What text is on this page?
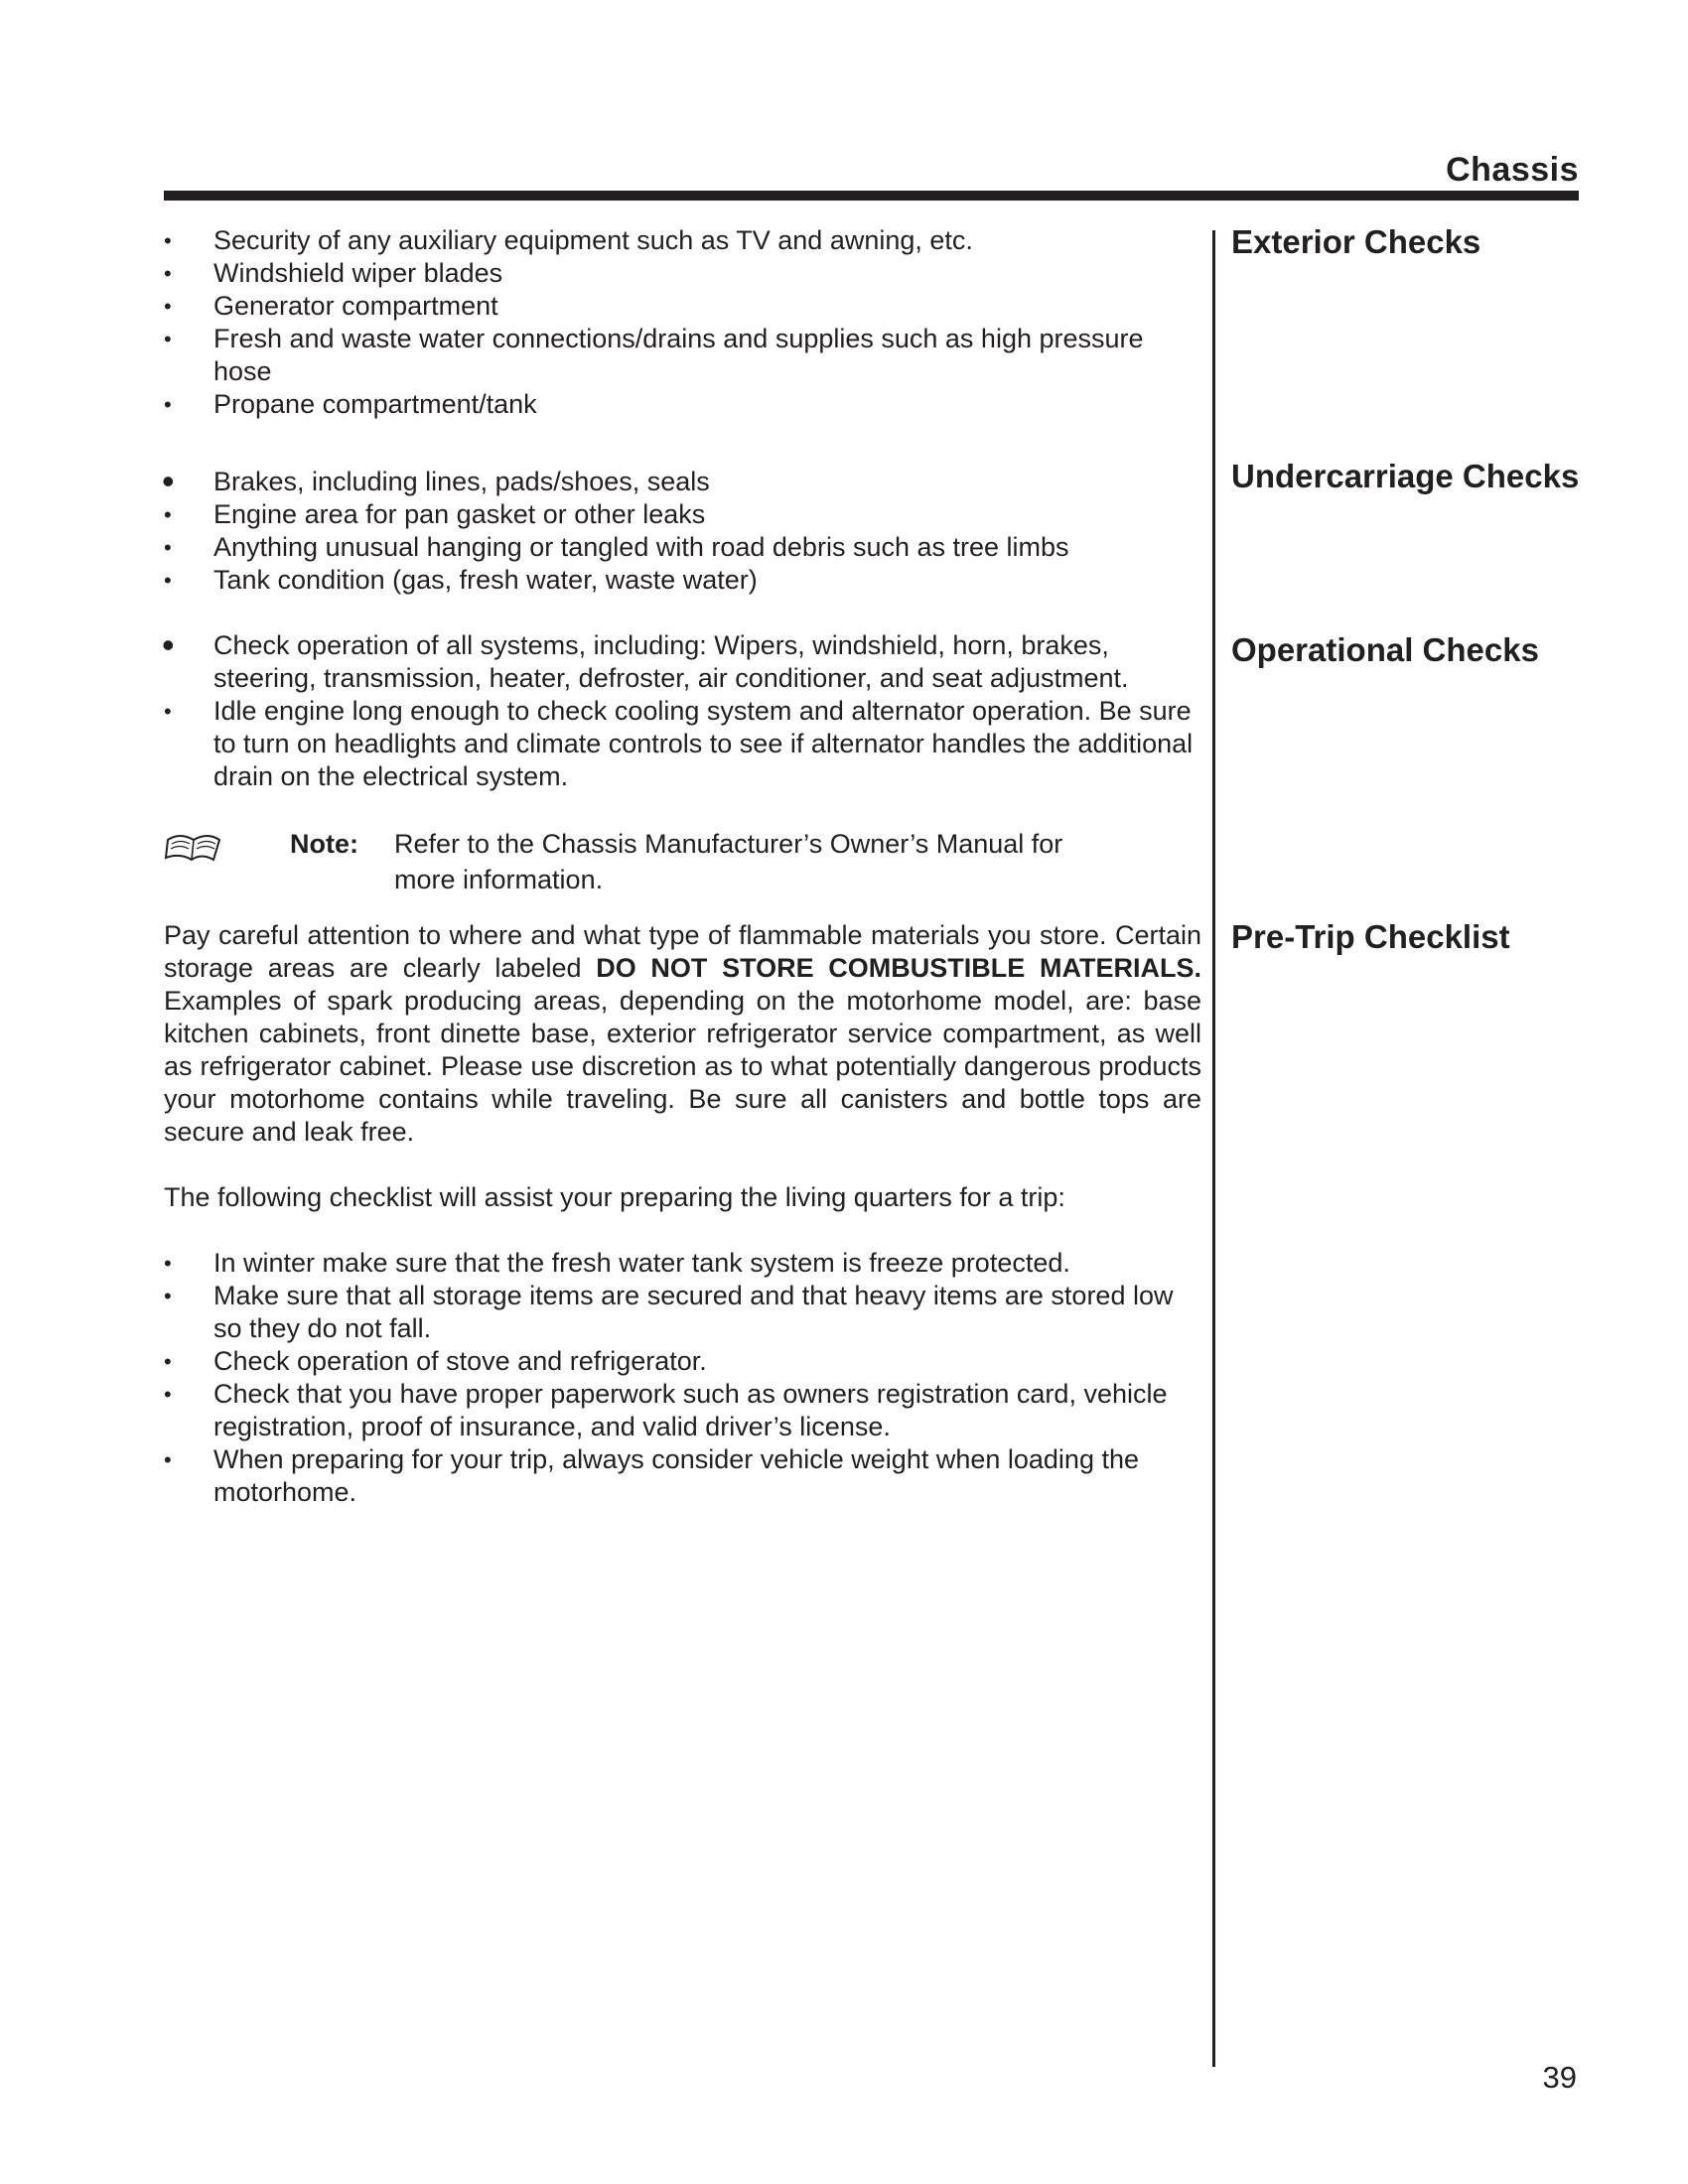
Chassis
Exterior Checks
Undercarriage Checks
Operational Checks
Pre-Trip Checklist
• Security of any auxiliary equipment such as TV and awning, etc.
• Windshield wiper blades
• Generator compartment
• Fresh and waste water connections/drains and supplies such as high pressure hose
• Propane compartment/tank
• Brakes, including lines, pads/shoes, seals
• Engine area for pan gasket or other leaks
• Anything unusual hanging or tangled with road debris such as tree limbs
• Tank condition (gas, fresh water, waste water)
• Check operation of all systems, including: Wipers, windshield, horn, brakes, steering, transmission, heater, defroster, air conditioner, and seat adjustment.
• Idle engine long enough to check cooling system and alternator operation. Be sure to turn on headlights and climate controls to see if alternator handles the additional drain on the electrical system.
Note: Refer to the Chassis Manufacturer’s Owner’s Manual for more information.

Pay careful attention to where and what type of flammable materials you store. Certain storage areas are clearly labeled DO NOT STORE COMBUSTIBLE MATERIALS. Examples of spark producing areas, depending on the motorhome model, are: base kitchen cabinets, front dinette base, exterior refrigerator service compartment, as well as refrigerator cabinet. Please use discretion as to what potentially dangerous products your motorhome contains while traveling. Be sure all canisters and bottle tops are secure and leak free.

The following checklist will assist your preparing the living quarters for a trip:

• In winter make sure that the fresh water tank system is freeze protected.
• Make sure that all storage items are secured and that heavy items are stored low so they do not fall.
• Check operation of stove and refrigerator.
• Check that you have proper paperwork such as owners registration card, vehicle registration, proof of insurance, and valid driver’s license.
• When preparing for your trip, always consider vehicle weight when loading the motorhome.
39
